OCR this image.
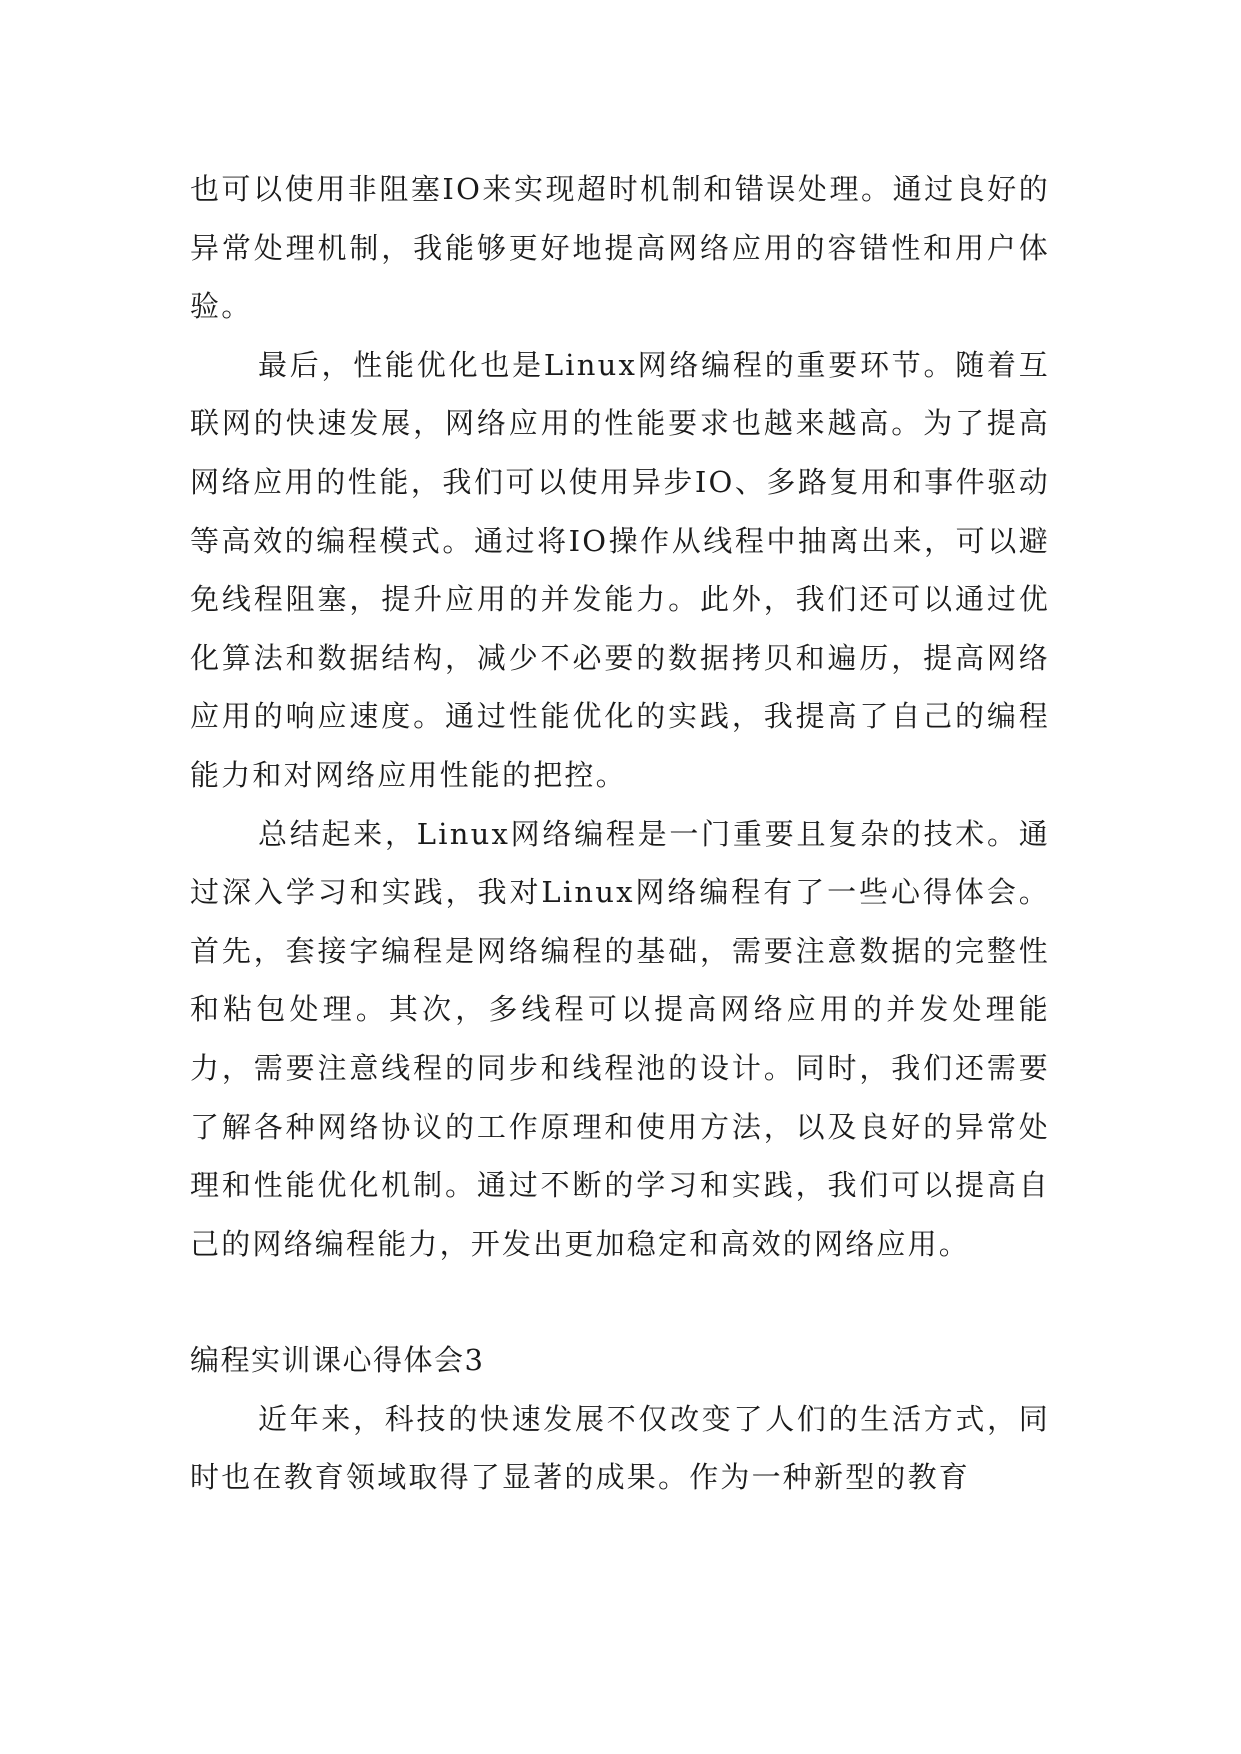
也可以使用非阻塞IO来实现超时机制和错误处理。通过良好的异常处理机制，我能够更好地提高网络应用的容错性和用户体验。

最后，性能优化也是Linux网络编程的重要环节。随着互联网的快速发展，网络应用的性能要求也越来越高。为了提高网络应用的性能，我们可以使用异步IO、多路复用和事件驱动等高效的编程模式。通过将IO操作从线程中抽离出来，可以避免线程阻塞，提升应用的并发能力。此外，我们还可以通过优化算法和数据结构，减少不必要的数据拷贝和遍历，提高网络应用的响应速度。通过性能优化的实践，我提高了自己的编程能力和对网络应用性能的把控。

总结起来，Linux网络编程是一门重要且复杂的技术。通过深入学习和实践，我对Linux网络编程有了一些心得体会。首先，套接字编程是网络编程的基础，需要注意数据的完整性和粘包处理。其次，多线程可以提高网络应用的并发处理能力，需要注意线程的同步和线程池的设计。同时，我们还需要了解各种网络协议的工作原理和使用方法，以及良好的异常处理和性能优化机制。通过不断的学习和实践，我们可以提高自己的网络编程能力，开发出更加稳定和高效的网络应用。

编程实训课心得体会3

近年来，科技的快速发展不仅改变了人们的生活方式，同时也在教育领域取得了显著的成果。作为一种新型的教育
